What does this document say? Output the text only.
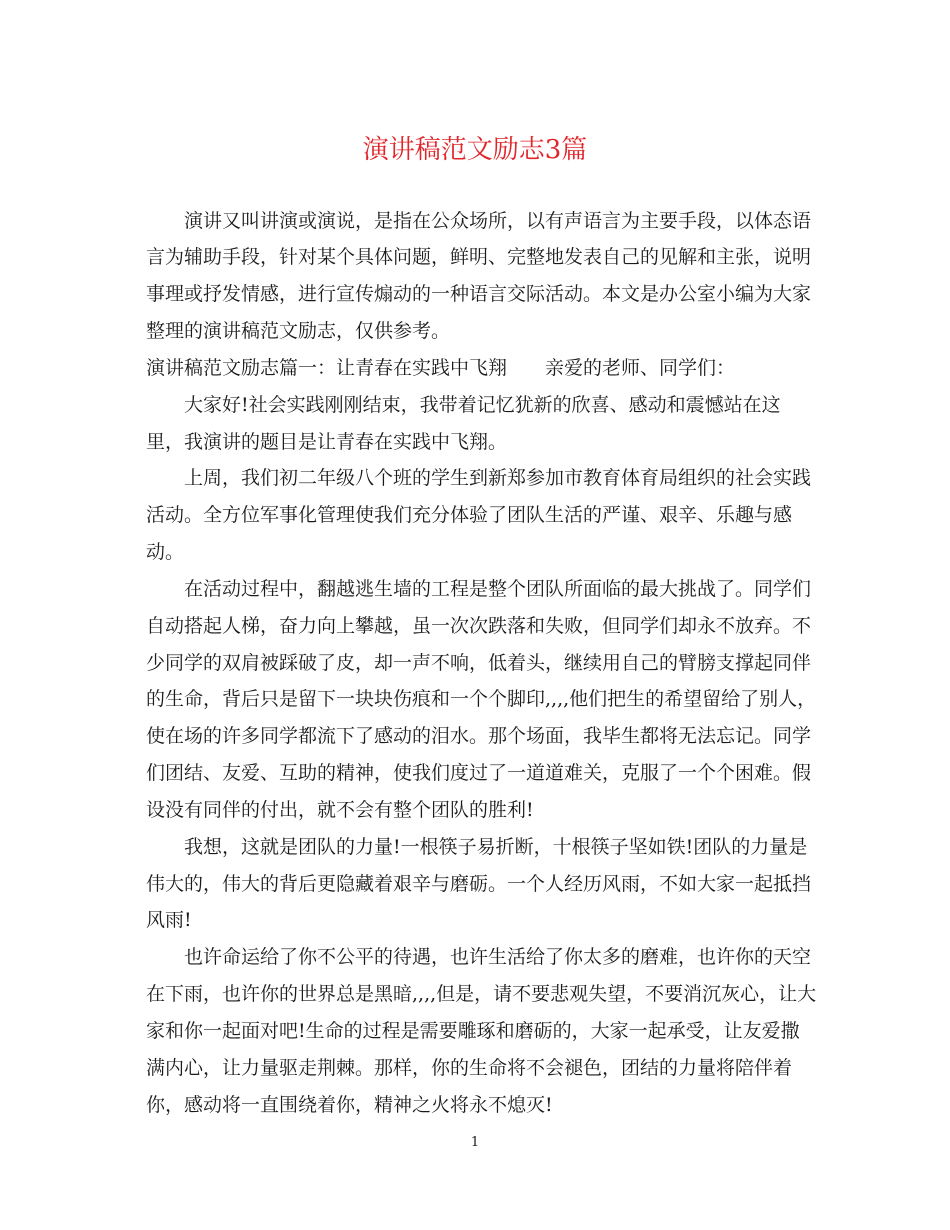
演讲稿范文励志3篇
　　演讲又叫讲演或演说，是指在公众场所，以有声语言为主要手段，以体态语
言为辅助手段，针对某个具体问题，鲜明、完整地发表自己的见解和主张，说明
事理或抒发情感，进行宣传煽动的一种语言交际活动。本文是办公室小编为大家
整理的演讲稿范文励志，仅供参考。
演讲稿范文励志篇一：让青春在实践中飞翔　　亲爱的老师、同学们：
　　大家好!社会实践刚刚结束，我带着记忆犹新的欣喜、感动和震憾站在这
里，我演讲的题目是让青春在实践中飞翔。
　　上周，我们初二年级八个班的学生到新郑参加市教育体育局组织的社会实践
活动。全方位军事化管理使我们充分体验了团队生活的严谨、艰辛、乐趣与感
动。
　　在活动过程中，翻越逃生墙的工程是整个团队所面临的最大挑战了。同学们
自动搭起人梯，奋力向上攀越，虽一次次跌落和失败，但同学们却永不放弃。不
少同学的双肩被踩破了皮，却一声不响，低着头，继续用自己的臂膀支撑起同伴
的生命，背后只是留下一块块伤痕和一个个脚印,,,,他们把生的希望留给了别人，
使在场的许多同学都流下了感动的泪水。那个场面，我毕生都将无法忘记。同学
们团结、友爱、互助的精神，使我们度过了一道道难关，克服了一个个困难。假
设没有同伴的付出，就不会有整个团队的胜利!
　　我想，这就是团队的力量!一根筷子易折断，十根筷子坚如铁!团队的力量是
伟大的，伟大的背后更隐藏着艰辛与磨砺。一个人经历风雨，不如大家一起抵挡
风雨!
　　也许命运给了你不公平的待遇，也许生活给了你太多的磨难，也许你的天空
在下雨，也许你的世界总是黑暗,,,,但是，请不要悲观失望，不要消沉灰心，让大
家和你一起面对吧!生命的过程是需要雕琢和磨砺的，大家一起承受，让友爱撒
满内心，让力量驱走荆棘。那样，你的生命将不会褪色，团结的力量将陪伴着
你，感动将一直围绕着你，精神之火将永不熄灭!
1
